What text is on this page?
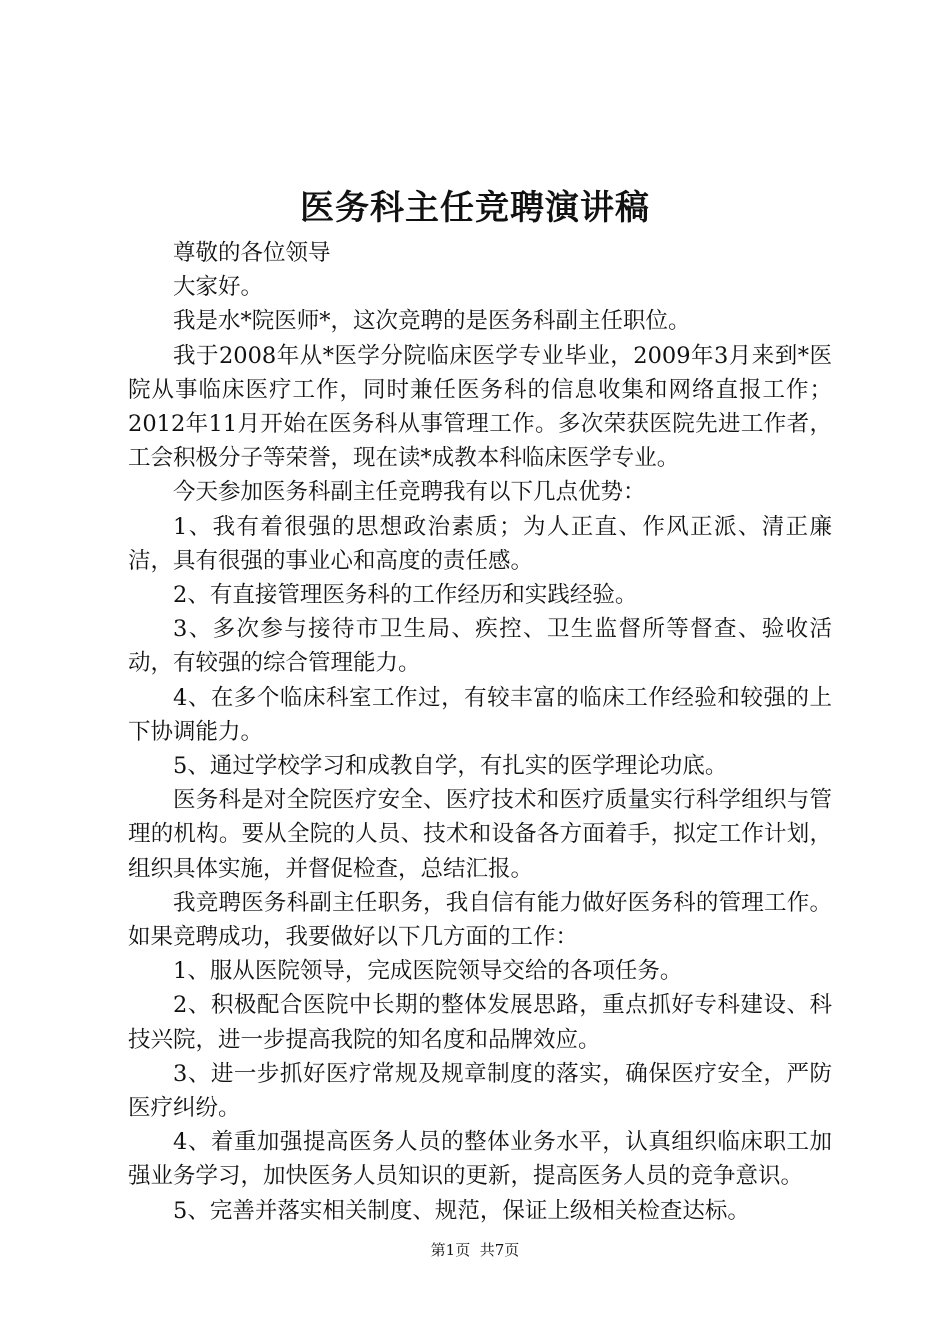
医务科主任竞聘演讲稿

尊敬的各位领导

大家好。

我是水*院医师*，这次竞聘的是医务科副主任职位。

我于2008年从*医学分院临床医学专业毕业，2009年3月来到*医院从事临床医疗工作，同时兼任医务科的信息收集和网络直报工作；2012年11月开始在医务科从事管理工作。多次荣获医院先进工作者，工会积极分子等荣誉，现在读*成教本科临床医学专业。

今天参加医务科副主任竞聘我有以下几点优势：

1、我有着很强的思想政治素质；为人正直、作风正派、清正廉洁，具有很强的事业心和高度的责任感。

2、有直接管理医务科的工作经历和实践经验。

3、多次参与接待市卫生局、疾控、卫生监督所等督查、验收活动，有较强的综合管理能力。

4、在多个临床科室工作过，有较丰富的临床工作经验和较强的上下协调能力。

5、通过学校学习和成教自学，有扎实的医学理论功底。

医务科是对全院医疗安全、医疗技术和医疗质量实行科学组织与管理的机构。要从全院的人员、技术和设备各方面着手，拟定工作计划，组织具体实施，并督促检查，总结汇报。

我竞聘医务科副主任职务，我自信有能力做好医务科的管理工作。如果竞聘成功，我要做好以下几方面的工作：

1、服从医院领导，完成医院领导交给的各项任务。

2、积极配合医院中长期的整体发展思路，重点抓好专科建设、科技兴院，进一步提高我院的知名度和品牌效应。

3、进一步抓好医疗常规及规章制度的落实，确保医疗安全，严防医疗纠纷。

4、着重加强提高医务人员的整体业务水平，认真组织临床职工加强业务学习，加快医务人员知识的更新，提高医务人员的竞争意识。

5、完善并落实相关制度、规范，保证上级相关检查达标。

第1页 共7页
